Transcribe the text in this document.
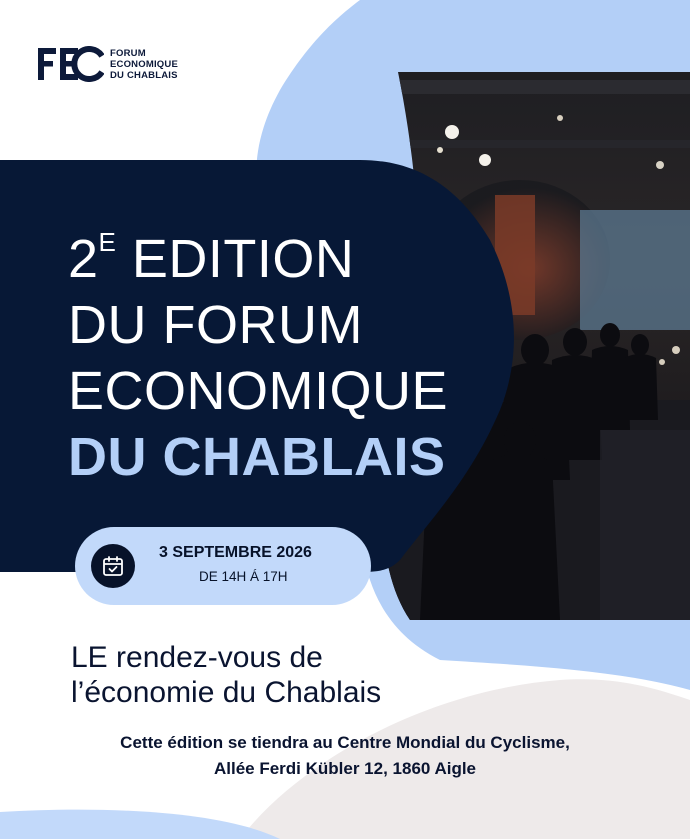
FORUM
ECONOMIQUE
DU CHABLAIS
$2^E$ EDITION
DU FORUM
ECONOMIQUE
DU CHABLAIS
3 SEPTEMBRE 2026
DE 14H Á 17H
LE rendez-vous de
l’économie du Chablais

Cette édition se tiendra au Centre Mondial du Cyclisme,
Allée Ferdi Kübler 12, 1860 Aigle
